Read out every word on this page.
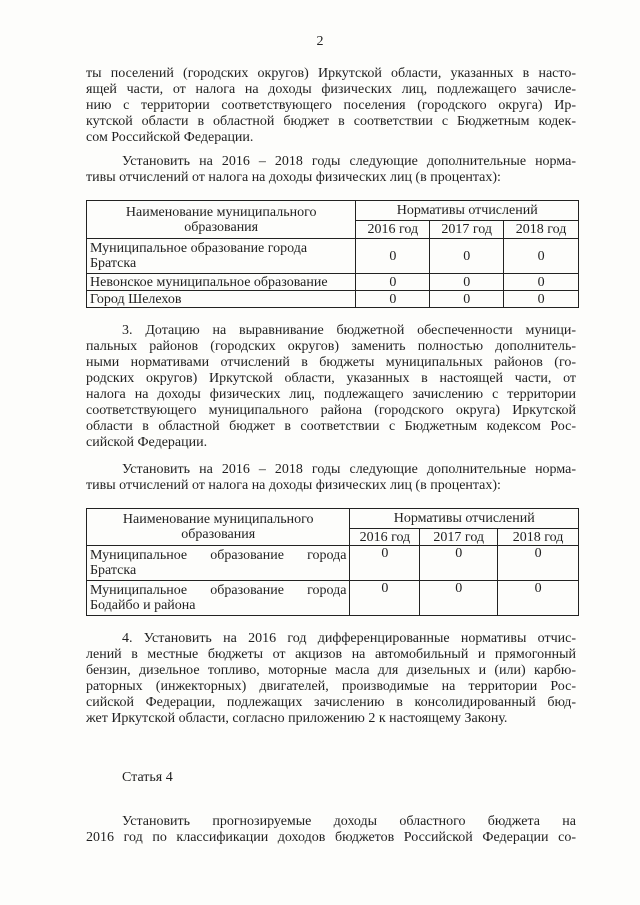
2

ты поселений (городских округов) Иркутской области, указанных в насто-
ящей части, от налога на доходы физических лиц, подлежащего зачисле-
нию с территории соответствующего поселения (городского округа) Ир-
кутской области в областной бюджет в соответствии с Бюджетным кодек-
сом Российской Федерации.

Установить на 2016 – 2018 годы следующие дополнительные норма-
тивы отчислений от налога на доходы физических лиц (в процентах):

Наименование муниципального образования	Нормативы отчислений		
	2016 год	2017 год	2018 год
Муниципальное образование города Братска	0	0	0
Невонское муниципальное образование	0	0	0
Город Шелехов	0	0	0

3. Дотацию на выравнивание бюджетной обеспеченности муници-
пальных районов (городских округов) заменить полностью дополнитель-
ными нормативами отчислений в бюджеты муниципальных районов (го-
родских округов) Иркутской области, указанных в настоящей части, от
налога на доходы физических лиц, подлежащего зачислению с территории
соответствующего муниципального района (городского округа) Иркутской
области в областной бюджет в соответствии с Бюджетным кодексом Рос-
сийской Федерации.

Установить на 2016 – 2018 годы следующие дополнительные норма-
тивы отчислений от налога на доходы физических лиц (в процентах):

Наименование муниципального образования	Нормативы отчислений		
	2016 год	2017 год	2018 год
Муниципальное образование города Братска	0	0	0
Муниципальное образование города Бодайбо и района	0	0	0

4. Установить на 2016 год дифференцированные нормативы отчис-
лений в местные бюджеты от акцизов на автомобильный и прямогонный
бензин, дизельное топливо, моторные масла для дизельных и (или) карбю-
раторных (инжекторных) двигателей, производимые на территории Рос-
сийской Федерации, подлежащих зачислению в консолидированный бюд-
жет Иркутской области, согласно приложению 2 к настоящему Закону.

Статья 4

Установить прогнозируемые доходы областного бюджета на
2016 год по классификации доходов бюджетов Российской Федерации со-
